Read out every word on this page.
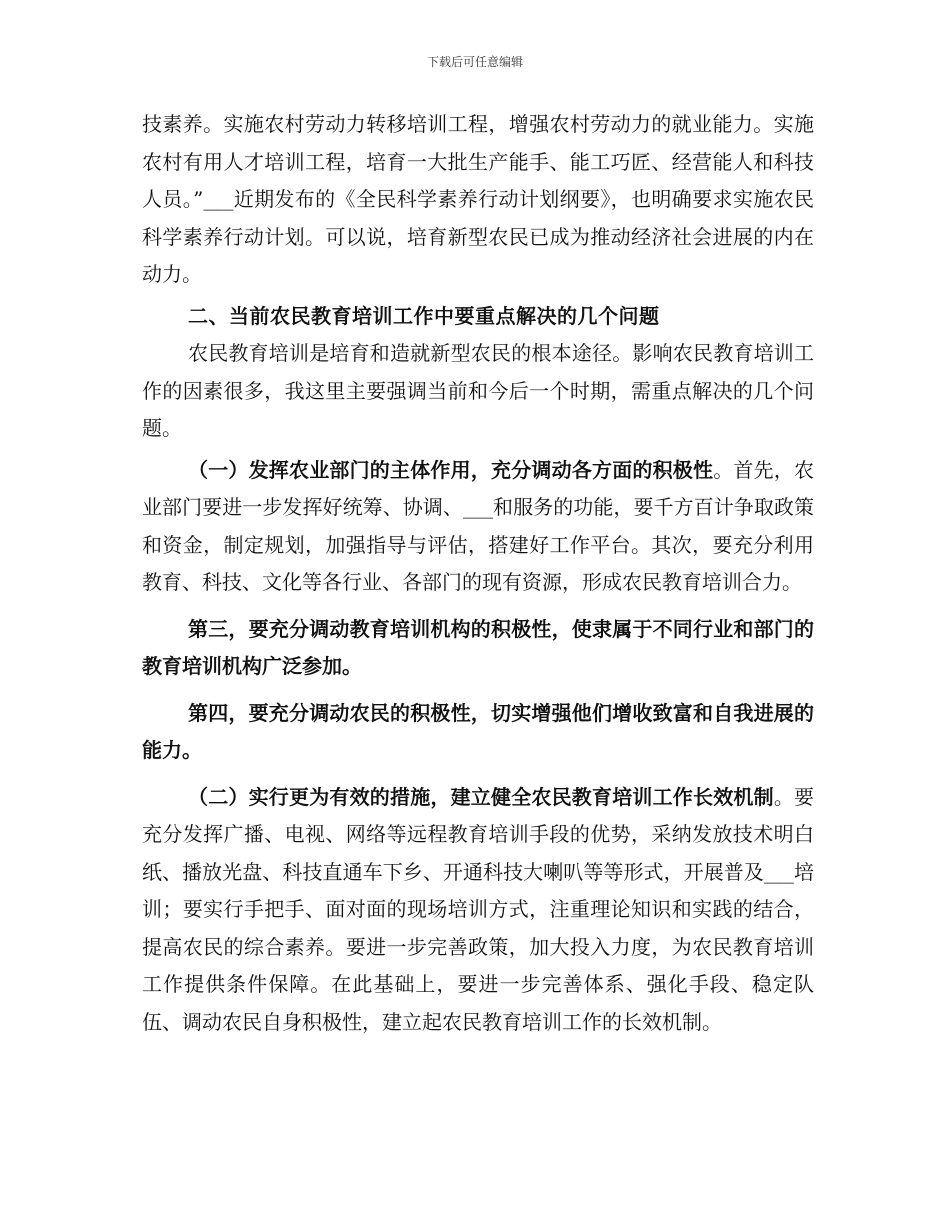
下载后可任意编辑

技素养。实施农村劳动力转移培训工程，增强农村劳动力的就业能力。实施农村有用人才培训工程，培育一大批生产能手、能工巧匠、经营能人和科技人员。”___近期发布的《全民科学素养行动计划纲要》，也明确要求实施农民科学素养行动计划。可以说，培育新型农民已成为推动经济社会进展的内在动力。

二、当前农民教育培训工作中要重点解决的几个问题

农民教育培训是培育和造就新型农民的根本途径。影响农民教育培训工作的因素很多，我这里主要强调当前和今后一个时期，需重点解决的几个问题。

（一）发挥农业部门的主体作用，充分调动各方面的积极性。首先，农业部门要进一步发挥好统筹、协调、___和服务的功能，要千方百计争取政策和资金，制定规划，加强指导与评估，搭建好工作平台。其次，要充分利用教育、科技、文化等各行业、各部门的现有资源，形成农民教育培训合力。

第三，要充分调动教育培训机构的积极性，使隶属于不同行业和部门的教育培训机构广泛参加。

第四，要充分调动农民的积极性，切实增强他们增收致富和自我进展的能力。

（二）实行更为有效的措施，建立健全农民教育培训工作长效机制。要充分发挥广播、电视、网络等远程教育培训手段的优势，采纳发放技术明白纸、播放光盘、科技直通车下乡、开通科技大喇叭等等形式，开展普及___培训；要实行手把手、面对面的现场培训方式，注重理论知识和实践的结合，提高农民的综合素养。要进一步完善政策，加大投入力度，为农民教育培训工作提供条件保障。在此基础上，要进一步完善体系、强化手段、稳定队伍、调动农民自身积极性，建立起农民教育培训工作的长效机制。
